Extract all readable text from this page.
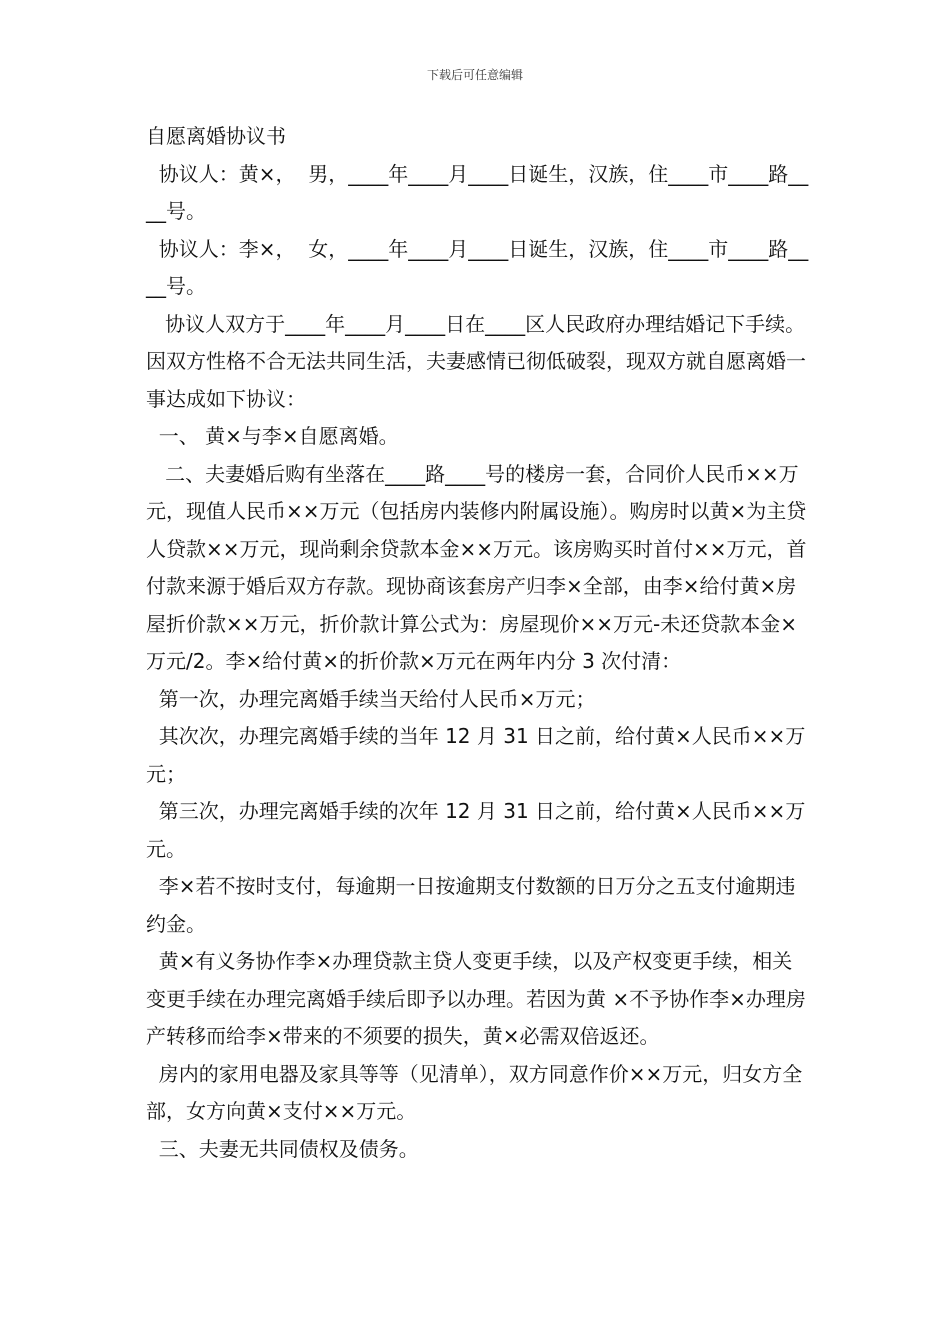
下载后可任意编辑

自愿离婚协议书

协议人：黄×，  男，____年____月____日诞生，汉族，住____市____路____号。

协议人：李×，  女，____年____月____日诞生，汉族，住____市____路____号。

协议人双方于____年____月____日在____区人民政府办理结婚记下手续。因双方性格不合无法共同生活，夫妻感情已彻低破裂，现双方就自愿离婚一事达成如下协议：

一、 黄×与李×自愿离婚。

二、夫妻婚后购有坐落在____路____号的楼房一套，合同价人民币××万元，现值人民币××万元（包括房内装修内附属设施）。购房时以黄×为主贷人贷款××万元，现尚剩余贷款本金××万元。该房购买时首付××万元，首付款来源于婚后双方存款。现协商该套房产归李×全部，由李×给付黄×房屋折价款××万元，折价款计算公式为：房屋现价××万元-未还贷款本金×万元/2。李×给付黄×的折价款×万元在两年内分 3 次付清：

第一次，办理完离婚手续当天给付人民币×万元；

其次次，办理完离婚手续的当年 12 月 31 日之前，给付黄×人民币××万元；

第三次，办理完离婚手续的次年 12 月 31 日之前，给付黄×人民币××万元。

李×若不按时支付，每逾期一日按逾期支付数额的日万分之五支付逾期违约金。

黄×有义务协作李×办理贷款主贷人变更手续，以及产权变更手续，相关变更手续在办理完离婚手续后即予以办理。若因为黄 ×不予协作李×办理房产转移而给李×带来的不须要的损失，黄×必需双倍返还。

房内的家用电器及家具等等（见清单），双方同意作价××万元，归女方全部，女方向黄×支付××万元。

三、夫妻无共同债权及债务。
